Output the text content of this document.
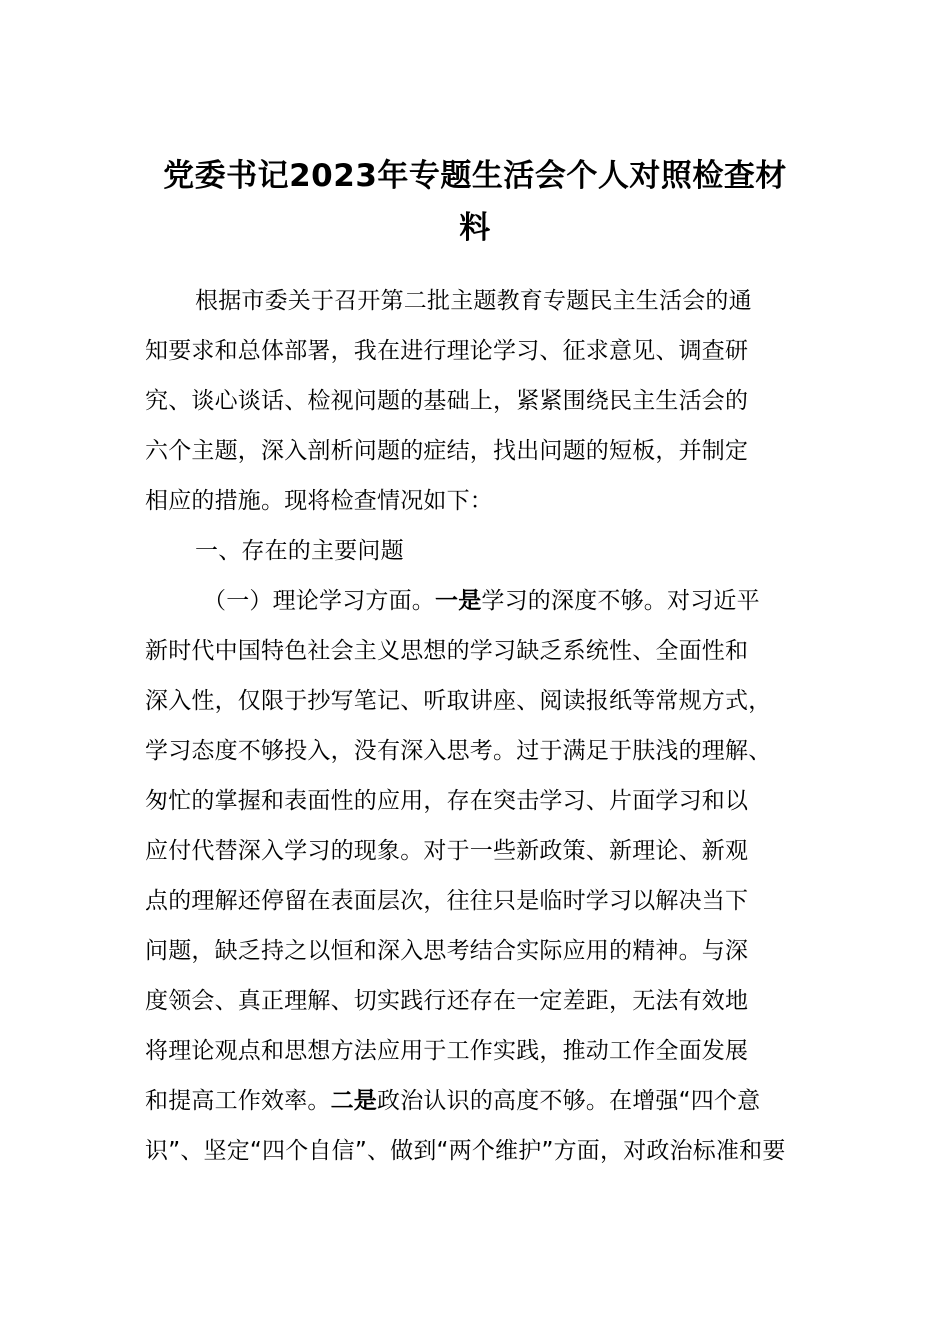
党委书记2023年专题生活会个人对照检查材
料
根据市委关于召开第二批主题教育专题民主生活会的通
知要求和总体部署，我在进行理论学习、征求意见、调查研
究、谈心谈话、检视问题的基础上，紧紧围绕民主生活会的
六个主题，深入剖析问题的症结，找出问题的短板，并制定
相应的措施。现将检查情况如下：
一、存在的主要问题
（一）理论学习方面。一是学习的深度不够。对习近平
新时代中国特色社会主义思想的学习缺乏系统性、全面性和
深入性，仅限于抄写笔记、听取讲座、阅读报纸等常规方式，
学习态度不够投入，没有深入思考。过于满足于肤浅的理解、
匆忙的掌握和表面性的应用，存在突击学习、片面学习和以
应付代替深入学习的现象。对于一些新政策、新理论、新观
点的理解还停留在表面层次，往往只是临时学习以解决当下
问题，缺乏持之以恒和深入思考结合实际应用的精神。与深
度领会、真正理解、切实践行还存在一定差距，无法有效地
将理论观点和思想方法应用于工作实践，推动工作全面发展
和提高工作效率。二是政治认识的高度不够。在增强“四个意
识”、坚定“四个自信”、做到“两个维护”方面，对政治标准和要
